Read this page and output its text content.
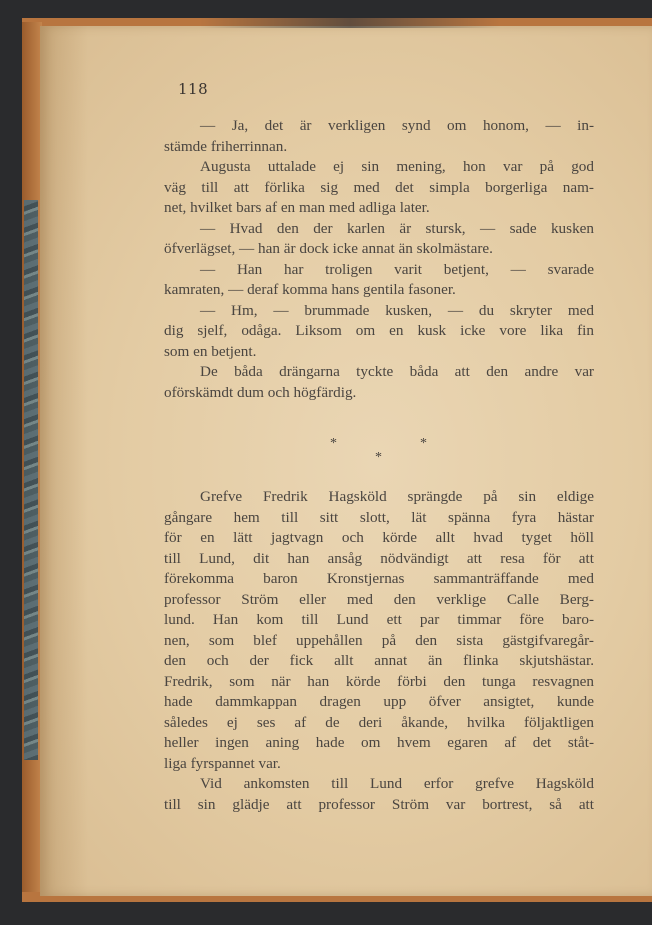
118
— Ja, det är verkligen synd om honom, — in-
stämde friherrinnan.
Augusta uttalade ej sin mening, hon var på god
väg till att förlika sig med det simpla borgerliga nam-
net, hvilket bars af en man med adliga later.
— Hvad den der karlen är stursk, — sade kusken
öfverlägset, — han är dock icke annat än skolmästare.
— Han har troligen varit betjent, — svarade
kamraten, — deraf komma hans gentila fasoner.
— Hm, — brummade kusken, — du skryter med
dig sjelf, odåga. Liksom om en kusk icke vore lika fin
som en betjent.
De båda drängarna tyckte båda att den andre var
oförskämdt dum och högfärdig.
*	*
*
Grefve Fredrik Hagsköld sprängde på sin eldige
gångare hem till sitt slott, lät spänna fyra hästar
för en lätt jagtvagn och körde allt hvad tyget höll
till Lund, dit han ansåg nödvändigt att resa för att
förekomma baron Kronstjernas sammanträffande med
professor Ström eller med den verklige Calle Berg-
lund. Han kom till Lund ett par timmar före baro-
nen, som blef uppehållen på den sista gästgifvaregår-
den och der fick allt annat än flinka skjutshästar.
Fredrik, som när han körde förbi den tunga resvagnen
hade dammkappan dragen upp öfver ansigtet, kunde
således ej ses af de deri åkande, hvilka följaktligen
heller ingen aning hade om hvem egaren af det ståt-
liga fyrspannet var.
Vid ankomsten till Lund erfor grefve Hagsköld
till sin glädje att professor Ström var bortrest, så att
